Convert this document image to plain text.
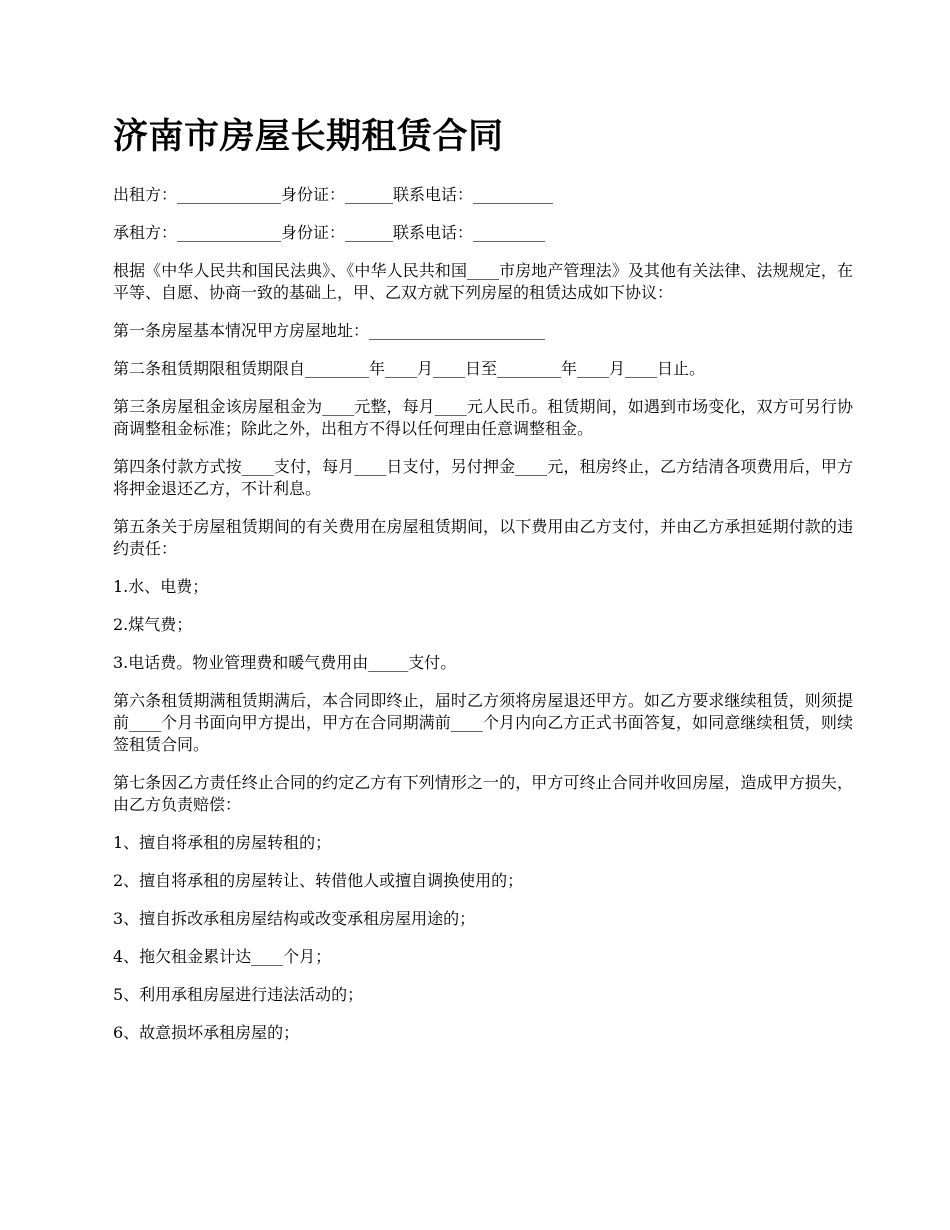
济南市房屋长期租赁合同

出租方：_____________身份证：______联系电话：__________

承租方：_____________身份证：______联系电话：_________

根据《中华人民共和国民法典》、《中华人民共和国____市房地产管理法》及其他有关法律、法规规定，在平等、自愿、协商一致的基础上，甲、乙双方就下列房屋的租赁达成如下协议：

第一条房屋基本情况甲方房屋地址：______________________

第二条租赁期限租赁期限自________年____月____日至________年____月____日止。

第三条房屋租金该房屋租金为____元整，每月____元人民币。租赁期间，如遇到市场变化，双方可另行协商调整租金标准；除此之外，出租方不得以任何理由任意调整租金。

第四条付款方式按____支付，每月____日支付，另付押金____元，租房终止，乙方结清各项费用后，甲方将押金退还乙方，不计利息。

第五条关于房屋租赁期间的有关费用在房屋租赁期间，以下费用由乙方支付，并由乙方承担延期付款的违约责任：

1.水、电费；

2.煤气费；

3.电话费。物业管理费和暖气费用由_____支付。

第六条租赁期满租赁期满后，本合同即终止，届时乙方须将房屋退还甲方。如乙方要求继续租赁，则须提前____个月书面向甲方提出，甲方在合同期满前____个月内向乙方正式书面答复，如同意继续租赁，则续签租赁合同。

第七条因乙方责任终止合同的约定乙方有下列情形之一的，甲方可终止合同并收回房屋，造成甲方损失，由乙方负责赔偿：

1、擅自将承租的房屋转租的；

2、擅自将承租的房屋转让、转借他人或擅自调换使用的；

3、擅自拆改承租房屋结构或改变承租房屋用途的；

4、拖欠租金累计达____个月；

5、利用承租房屋进行违法活动的；

6、故意损坏承租房屋的；
